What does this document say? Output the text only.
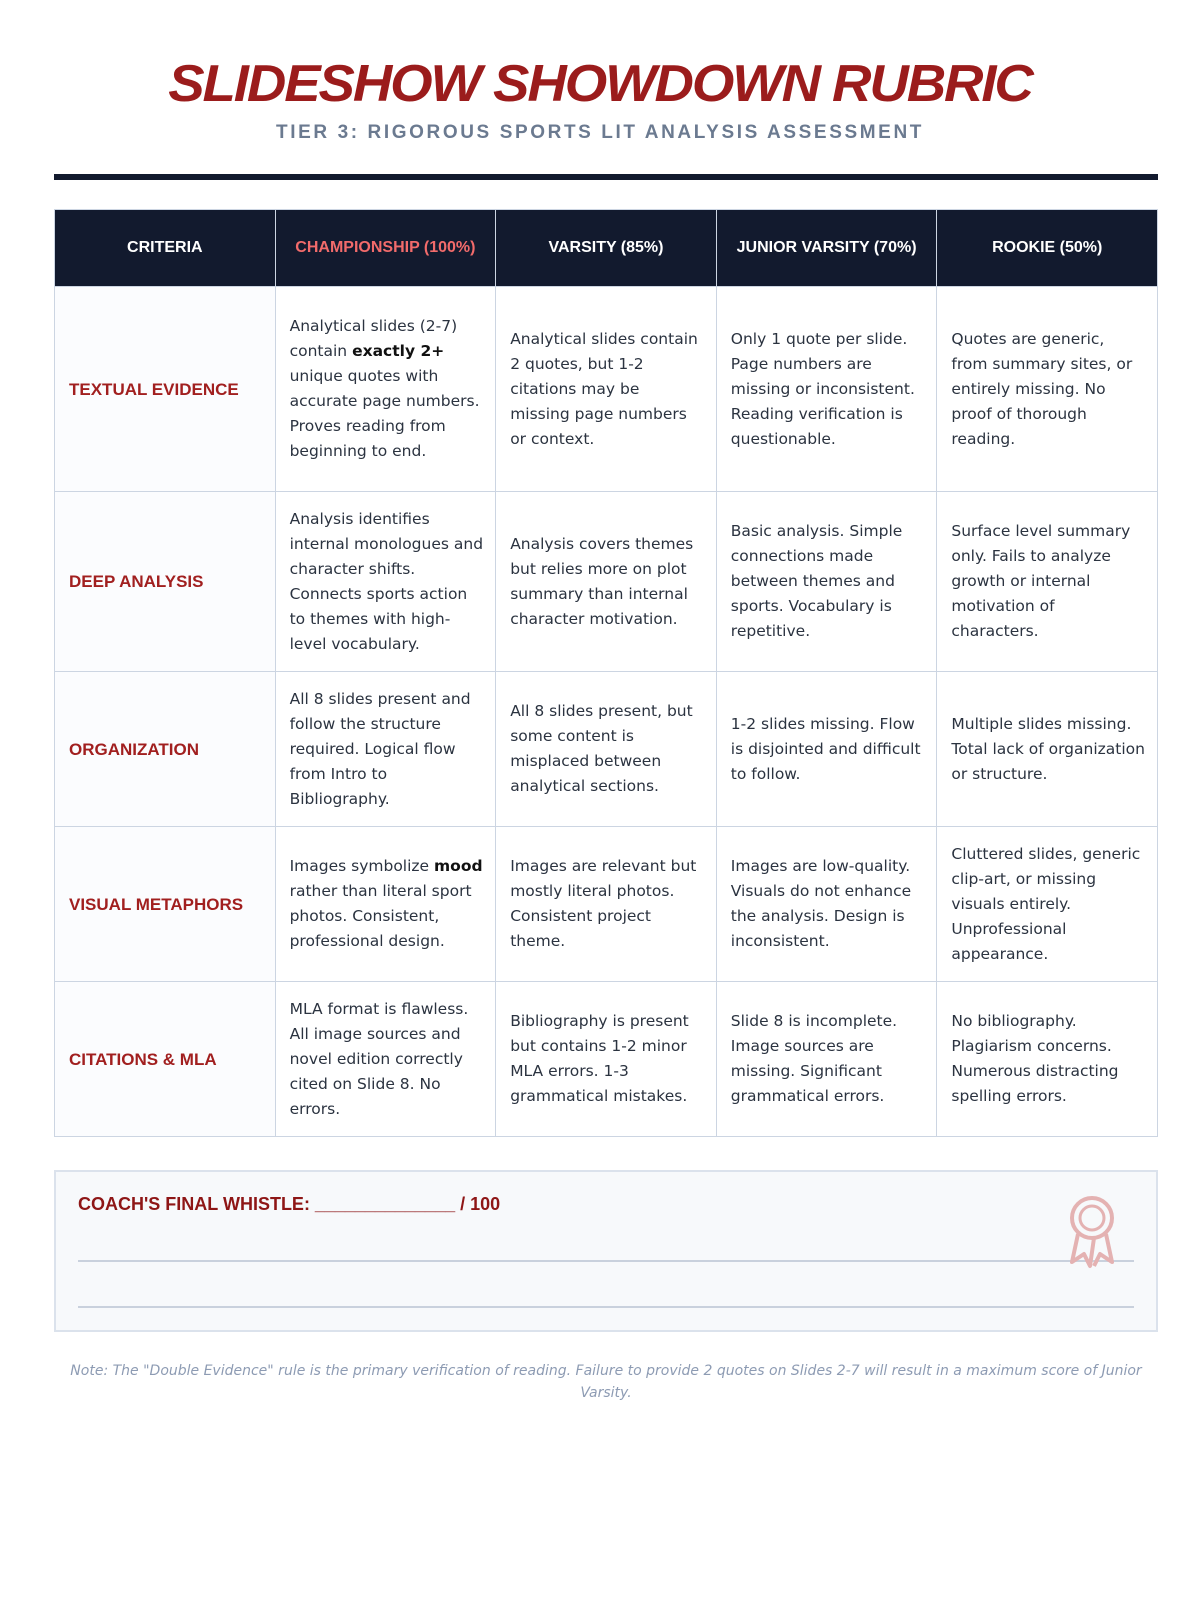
SLIDESHOW SHOWDOWN RUBRIC
TIER 3: RIGOROUS SPORTS LIT ANALYSIS ASSESSMENT
CRITERIA	CHAMPIONSHIP (100%)	VARSITY (85%)	JUNIOR VARSITY (70%)	ROOKIE (50%)
TEXTUAL EVIDENCE	Analytical slides (2-7) contain exactly 2+ unique quotes with accurate page numbers. Proves reading from beginning to end.	Analytical slides contain 2 quotes, but 1-2 citations may be missing page numbers or context.	Only 1 quote per slide. Page numbers are missing or inconsistent. Reading verification is questionable.	Quotes are generic, from summary sites, or entirely missing. No proof of thorough reading.
DEEP ANALYSIS	Analysis identifies internal monologues and character shifts. Connects sports action to themes with high-level vocabulary.	Analysis covers themes but relies more on plot summary than internal character motivation.	Basic analysis. Simple connections made between themes and sports. Vocabulary is repetitive.	Surface level summary only. Fails to analyze growth or internal motivation of characters.
ORGANIZATION	All 8 slides present and follow the structure required. Logical flow from Intro to Bibliography.	All 8 slides present, but some content is misplaced between analytical sections.	1-2 slides missing. Flow is disjointed and difficult to follow.	Multiple slides missing. Total lack of organization or structure.
VISUAL METAPHORS	Images symbolize mood rather than literal sport photos. Consistent, professional design.	Images are relevant but mostly literal photos. Consistent project theme.	Images are low-quality. Visuals do not enhance the analysis. Design is inconsistent.	Cluttered slides, generic clip-art, or missing visuals entirely. Unprofessional appearance.
CITATIONS & MLA	MLA format is flawless. All image sources and novel edition correctly cited on Slide 8. No errors.	Bibliography is present but contains 1-2 minor MLA errors. 1-3 grammatical mistakes.	Slide 8 is incomplete. Image sources are missing. Significant grammatical errors.	No bibliography. Plagiarism concerns. Numerous distracting spelling errors.
COACH'S FINAL WHISTLE: ______________ / 100
Note: The "Double Evidence" rule is the primary verification of reading. Failure to provide 2 quotes on Slides 2-7 will result in a maximum score of Junior Varsity.
